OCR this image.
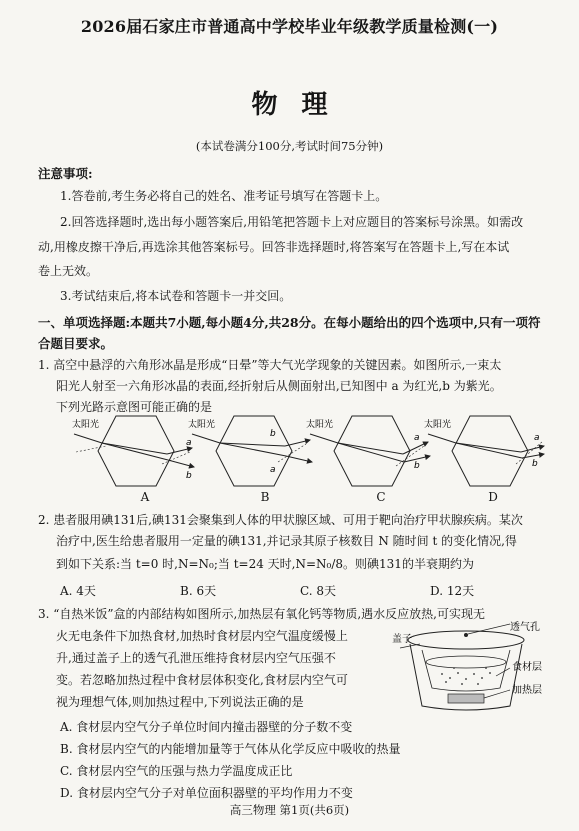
2026届石家庄市普通高中学校毕业年级教学质量检测(一)
物理
(本试卷满分100分,考试时间75分钟)
注意事项:
1.答卷前,考生务必将自己的姓名、准考证号填写在答题卡上。
2.回答选择题时,选出每小题答案后,用铅笔把答题卡上对应题目的答案标号涂黑。如需改
动,用橡皮擦干净后,再选涂其他答案标号。回答非选择题时,将答案写在答题卡上,写在本试
卷上无效。
3.考试结束后,将本试卷和答题卡一并交回。
一、单项选择题:本题共7小题,每小题4分,共28分。在每小题给出的四个选项中,只有一项符
合题目要求。
1. 高空中悬浮的六角形冰晶是形成“日晕”等大气光学现象的关键因素。如图所示,一束太
阳光人射至一六角形冰晶的表面,经折射后从侧面射出,已知图中 a 为红光,b 为紫光。
下列光路示意图可能正确的是
太阳光
a
b
太阳光
b
a
太阳光
a
b
太阳光
a
b
A	B	C	D
2. 患者服用碘131后,碘131会聚集到人体的甲状腺区域、可用于靶向治疗甲状腺疾病。某次
治疗中,医生给患者服用一定量的碘131,并记录其原子核数目 N 随时间 t 的变化情况,得
到如下关系:当 t=0 时,N=N₀;当 t=24 天时,N=N₀/8。则碘131的半衰期约为
A. 4天	B. 6天	C. 8天	D. 12天
3. “自热米饭”盒的内部结构如图所示,加热层有氧化钙等物质,遇水反应放热,可实现无
火无电条件下加热食材,加热时食材层内空气温度缓慢上
升,通过盖子上的透气孔泄压维持食材层内空气压强不
变。若忽略加热过程中食材层体积变化,食材层内空气可
视为理想气体,则加热过程中,下列说法正确的是
A. 食材层内空气分子单位时间内撞击器壁的分子数不变
B. 食材层内空气的内能增加量等于气体从化学反应中吸收的热量
C. 食材层内空气的压强与热力学温度成正比
D. 食材层内空气分子对单位面积器壁的平均作用力不变
透气孔
盖子
食材层
加热层
高三物理 第1页(共6页)
